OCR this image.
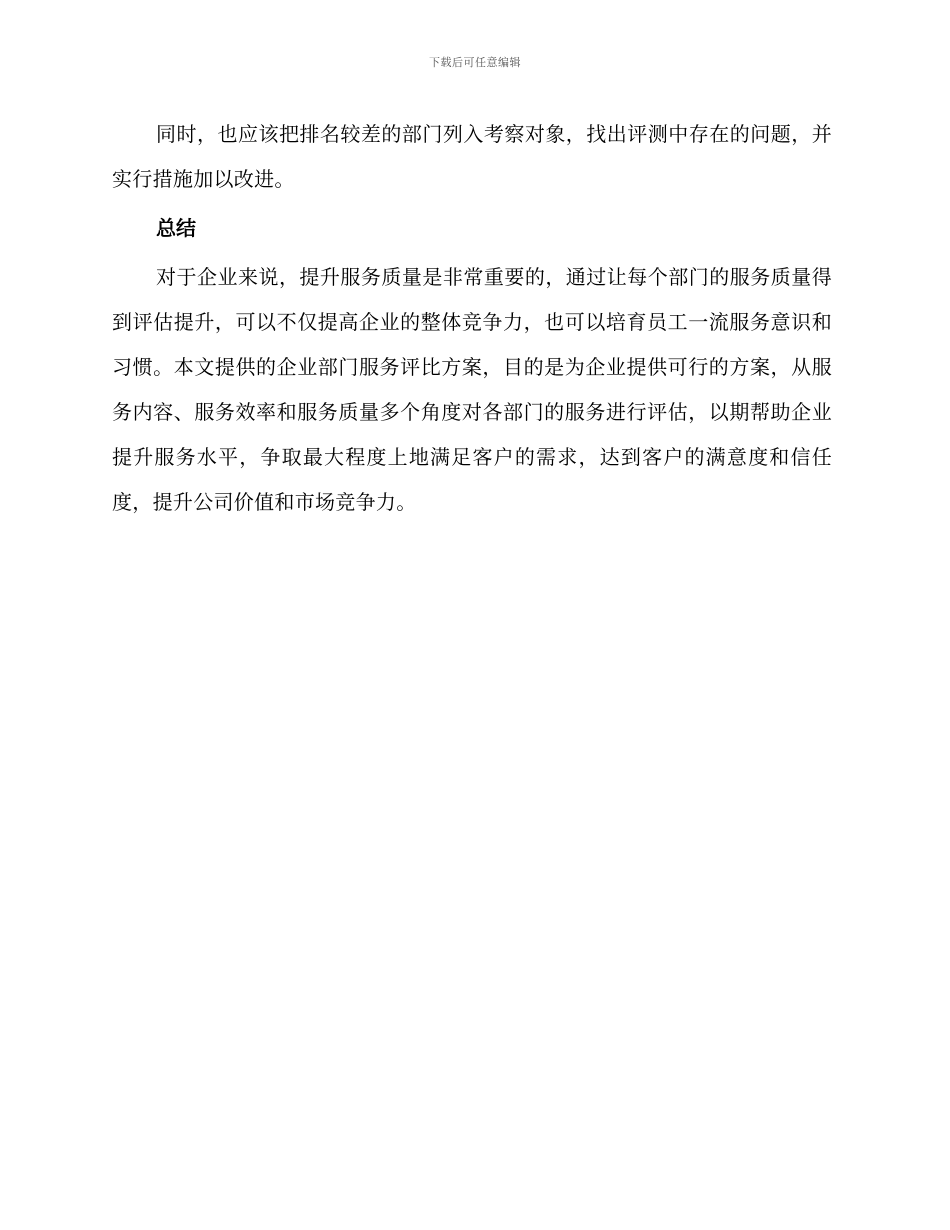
下载后可任意编辑

同时，也应该把排名较差的部门列入考察对象，找出评测中存在的问题，并实行措施加以改进。

总结

对于企业来说，提升服务质量是非常重要的，通过让每个部门的服务质量得到评估提升，可以不仅提高企业的整体竞争力，也可以培育员工一流服务意识和习惯。本文提供的企业部门服务评比方案，目的是为企业提供可行的方案，从服务内容、服务效率和服务质量多个角度对各部门的服务进行评估，以期帮助企业提升服务水平，争取最大程度上地满足客户的需求，达到客户的满意度和信任度，提升公司价值和市场竞争力。
